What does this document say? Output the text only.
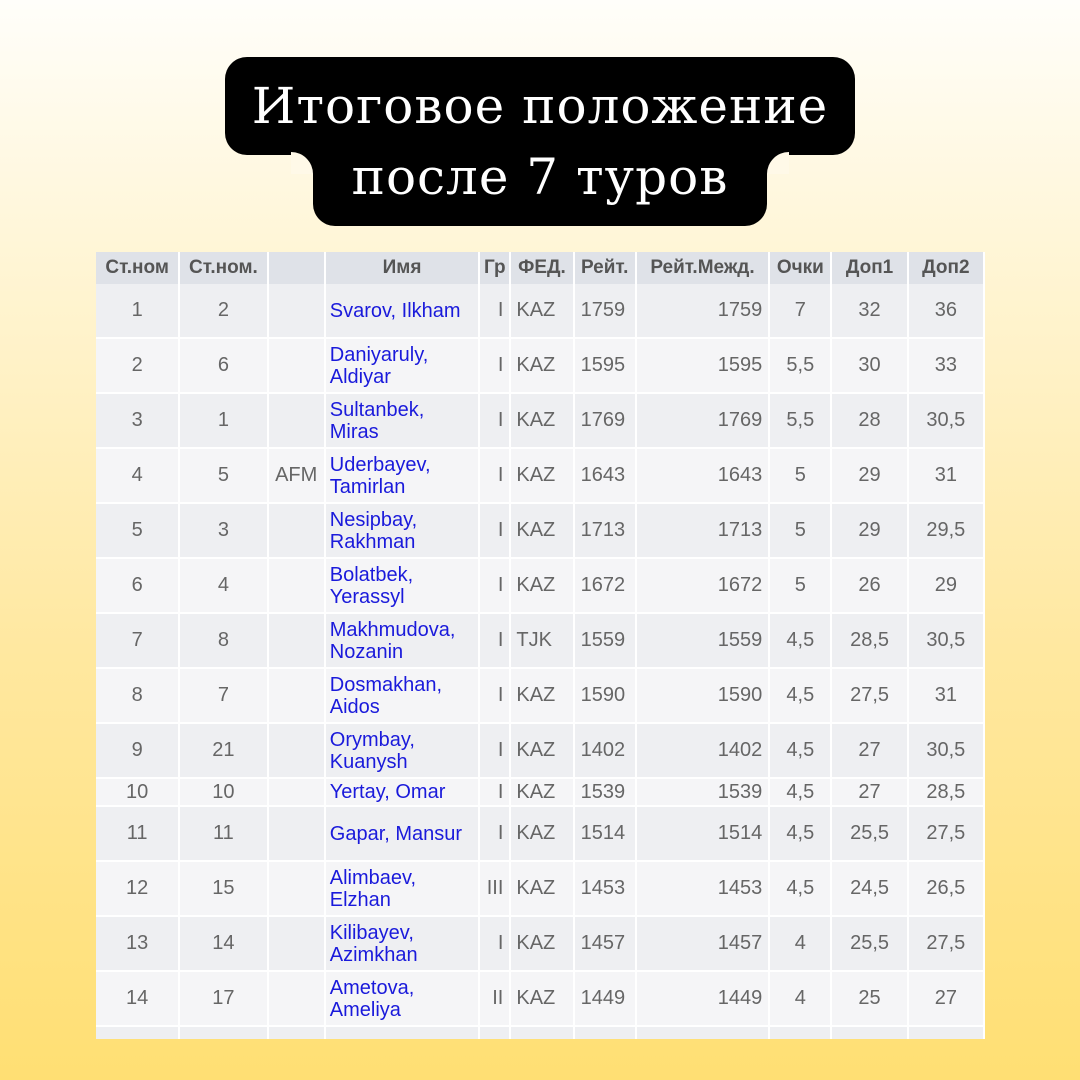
Итоговое положение
после 7 туров
Ст.ном	Ст.ном.		Имя	Гр	ФЕД.	Рейт.	Рейт.Межд.	Очки	Доп1	Доп2
1	2		Svarov, Ilkham	I	KAZ	1759	1759	7	32	36
2	6		Daniyaruly, Aldiyar	I	KAZ	1595	1595	5,5	30	33
3	1		Sultanbek, Miras	I	KAZ	1769	1769	5,5	28	30,5
4	5	AFM	Uderbayev, Tamirlan	I	KAZ	1643	1643	5	29	31
5	3		Nesipbay, Rakhman	I	KAZ	1713	1713	5	29	29,5
6	4		Bolatbek, Yerassyl	I	KAZ	1672	1672	5	26	29
7	8		Makhmudova, Nozanin	I	TJK	1559	1559	4,5	28,5	30,5
8	7		Dosmakhan, Aidos	I	KAZ	1590	1590	4,5	27,5	31
9	21		Orymbay, Kuanysh	I	KAZ	1402	1402	4,5	27	30,5
10	10		Yertay, Omar	I	KAZ	1539	1539	4,5	27	28,5
11	11		Gapar, Mansur	I	KAZ	1514	1514	4,5	25,5	27,5
12	15		Alimbaev, Elzhan	III	KAZ	1453	1453	4,5	24,5	26,5
13	14		Kilibayev, Azimkhan	I	KAZ	1457	1457	4	25,5	27,5
14	17		Ametova, Ameliya	II	KAZ	1449	1449	4	25	27
